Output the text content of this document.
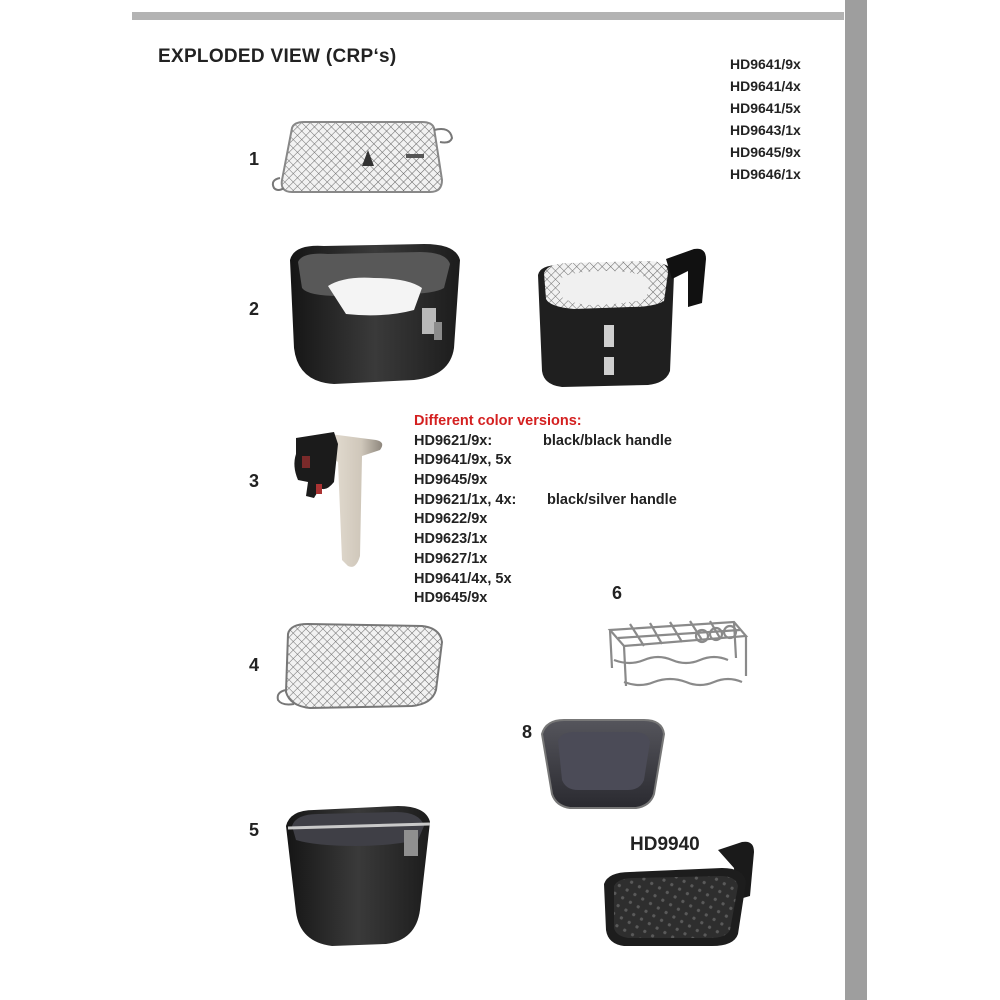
EXPLODED VIEW (CRP‘s)	HD9641/9x
HD9641/4x
HD9641/5x
HD9643/1x
HD9645/9x
HD9646/1x
1
2
3
4
5
6
8
Different color versions:
HD9621/9x:	black/black handle
HD9641/9x, 5x
HD9645/9x
HD9621/1x, 4x: black/silver handle
HD9622/9x
HD9623/1x
HD9627/1x
HD9641/4x, 5x
HD9645/9x
HD9940
